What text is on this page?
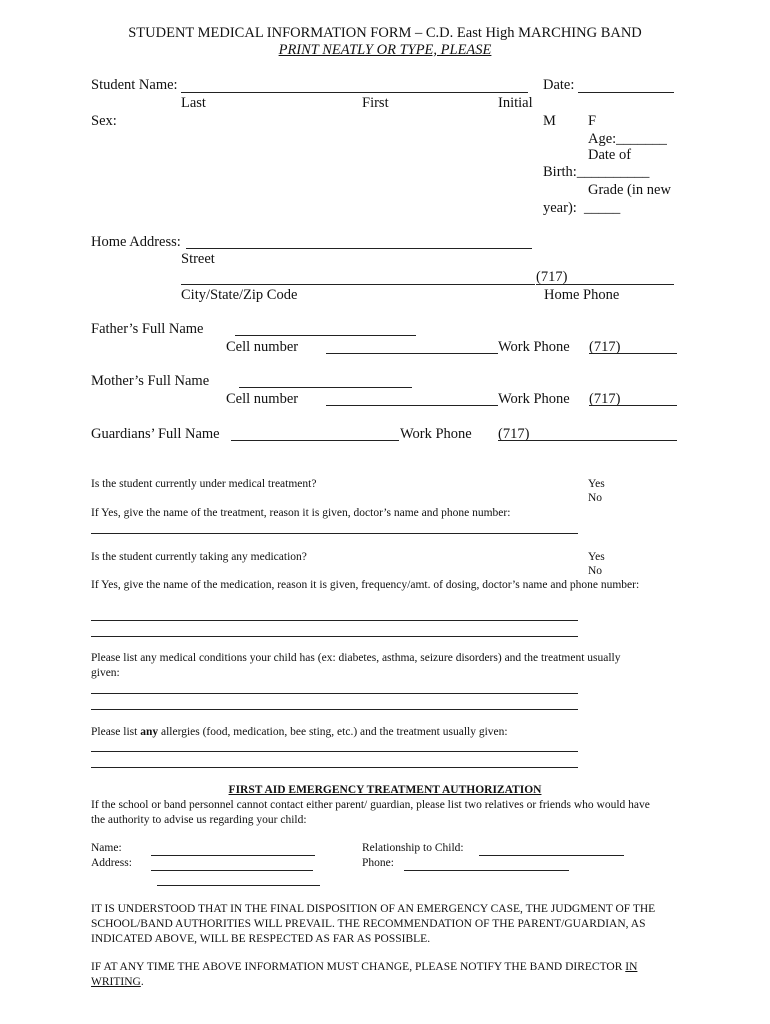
STUDENT MEDICAL INFORMATION FORM – C.D. East High MARCHING BAND
PRINT NEATLY OR TYPE, PLEASE
Student Name:	Date:
Last	First	Initial
Sex:	M F
Age:_______
Date of
Birth:__________
Grade (in new
year):  _____
Home Address:
Street
(717)
City/State/Zip Code	Home Phone
Father’s Full Name
Cell number	Work Phone (717)
Mother’s Full Name
Cell number	Work Phone (717)
Guardians’ Full Name	Work Phone (717)
Is the student currently under medical treatment?	Yes
No
If Yes, give the name of the treatment, reason it is given, doctor’s name and phone number:
Is the student currently taking any medication?	Yes
No
If Yes, give the name of the medication, reason it is given, frequency/amt. of dosing, doctor’s name and phone number:
Please list any medical conditions your child has (ex: diabetes, asthma, seizure disorders) and the treatment usually given:
Please list any allergies (food, medication, bee sting, etc.) and the treatment usually given:
FIRST AID EMERGENCY TREATMENT AUTHORIZATION
If the school or band personnel cannot contact either parent/ guardian, please list two relatives or friends who would have the authority to advise us regarding your child:
Name:
Address:
Relationship to Child:
Phone:
IT IS UNDERSTOOD THAT IN THE FINAL DISPOSITION OF AN EMERGENCY CASE, THE JUDGMENT OF THE SCHOOL/BAND AUTHORITIES WILL PREVAIL. THE RECOMMENDATION OF THE PARENT/GUARDIAN, AS INDICATED ABOVE, WILL BE RESPECTED AS FAR AS POSSIBLE.
IF AT ANY TIME THE ABOVE INFORMATION MUST CHANGE, PLEASE NOTIFY THE BAND DIRECTOR IN WRITING.
